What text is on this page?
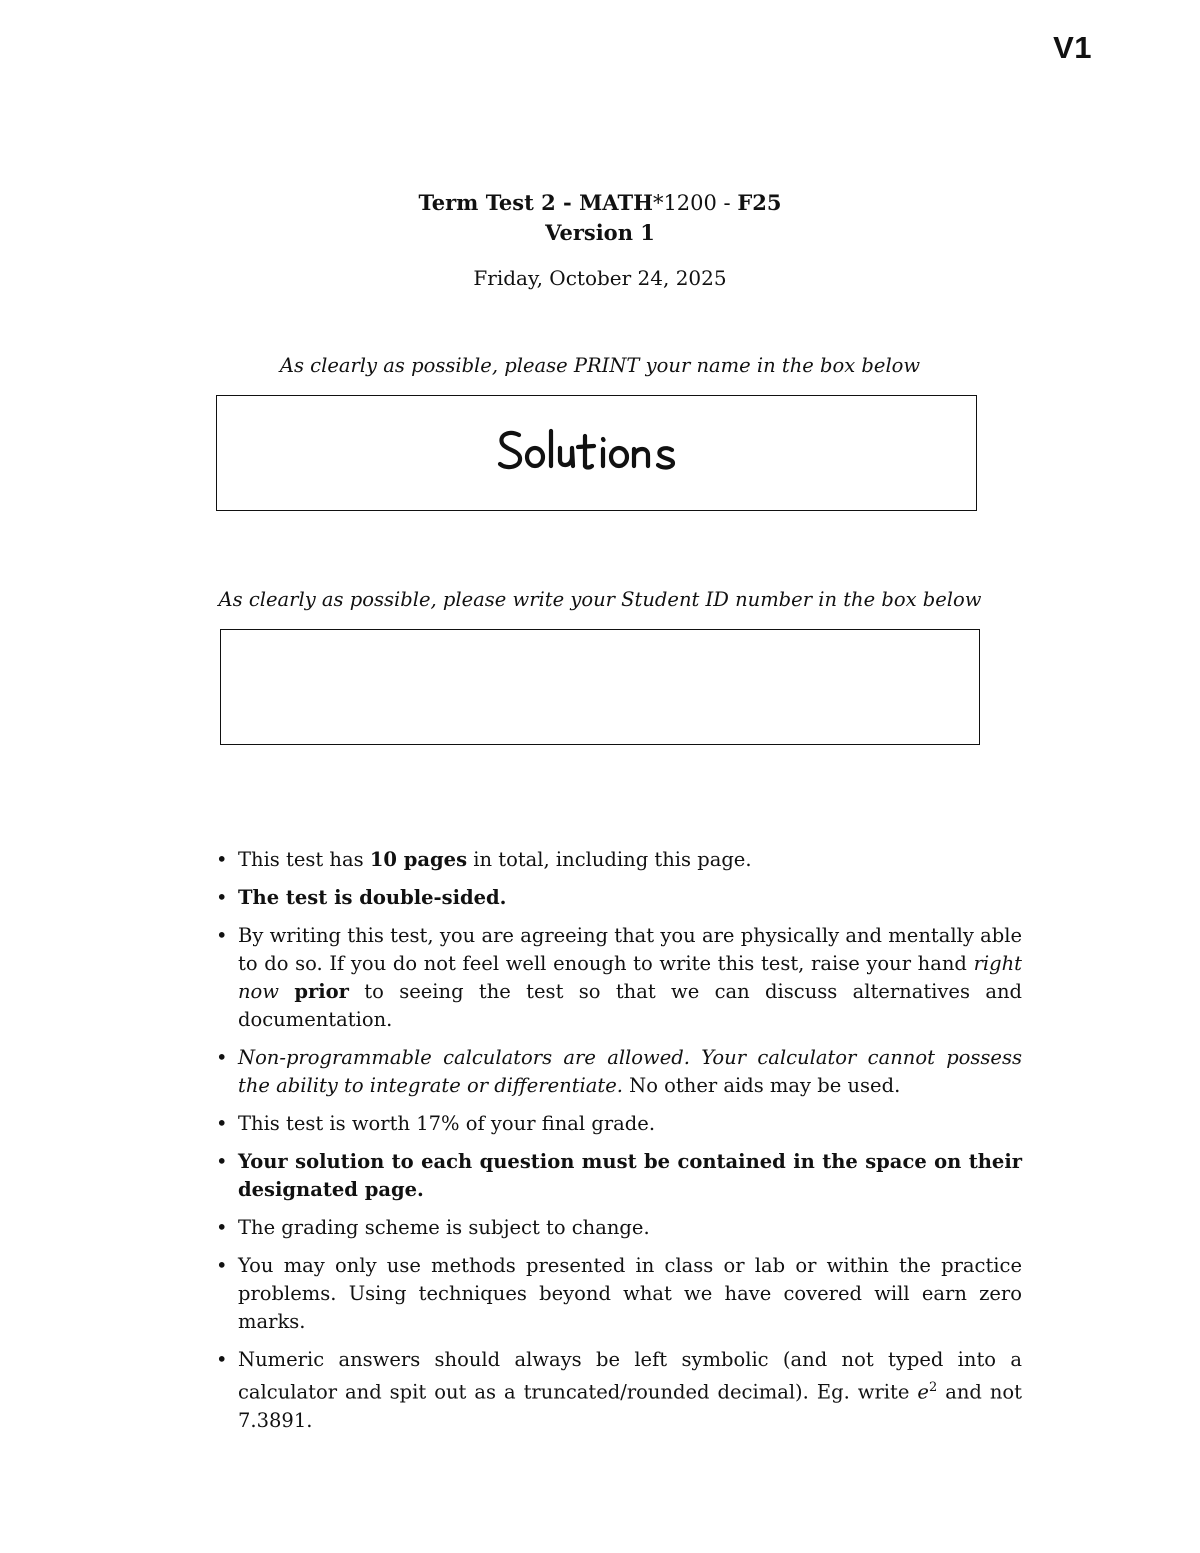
V1
Term Test 2 - MATH*1200 - F25
Version 1
Friday, October 24, 2025
As clearly as possible, please PRINT your name in the box below
As clearly as possible, please write your Student ID number in the box below
• This test has 10 pages in total, including this page.
• The test is double-sided.
• By writing this test, you are agreeing that you are physically and mentally able to do so. If you do not feel well enough to write this test, raise your hand right now prior to seeing the test so that we can discuss alternatives and documentation.
• Non-programmable calculators are allowed. Your calculator cannot possess the ability to integrate or differentiate. No other aids may be used.
• This test is worth 17% of your final grade.
• Your solution to each question must be contained in the space on their designated page.
• The grading scheme is subject to change.
• You may only use methods presented in class or lab or within the practice problems. Using techniques beyond what we have covered will earn zero marks.
• Numeric answers should always be left symbolic (and not typed into a calculator and spit out as a truncated/rounded decimal). Eg. write $e^2$ and not 7.3891.
